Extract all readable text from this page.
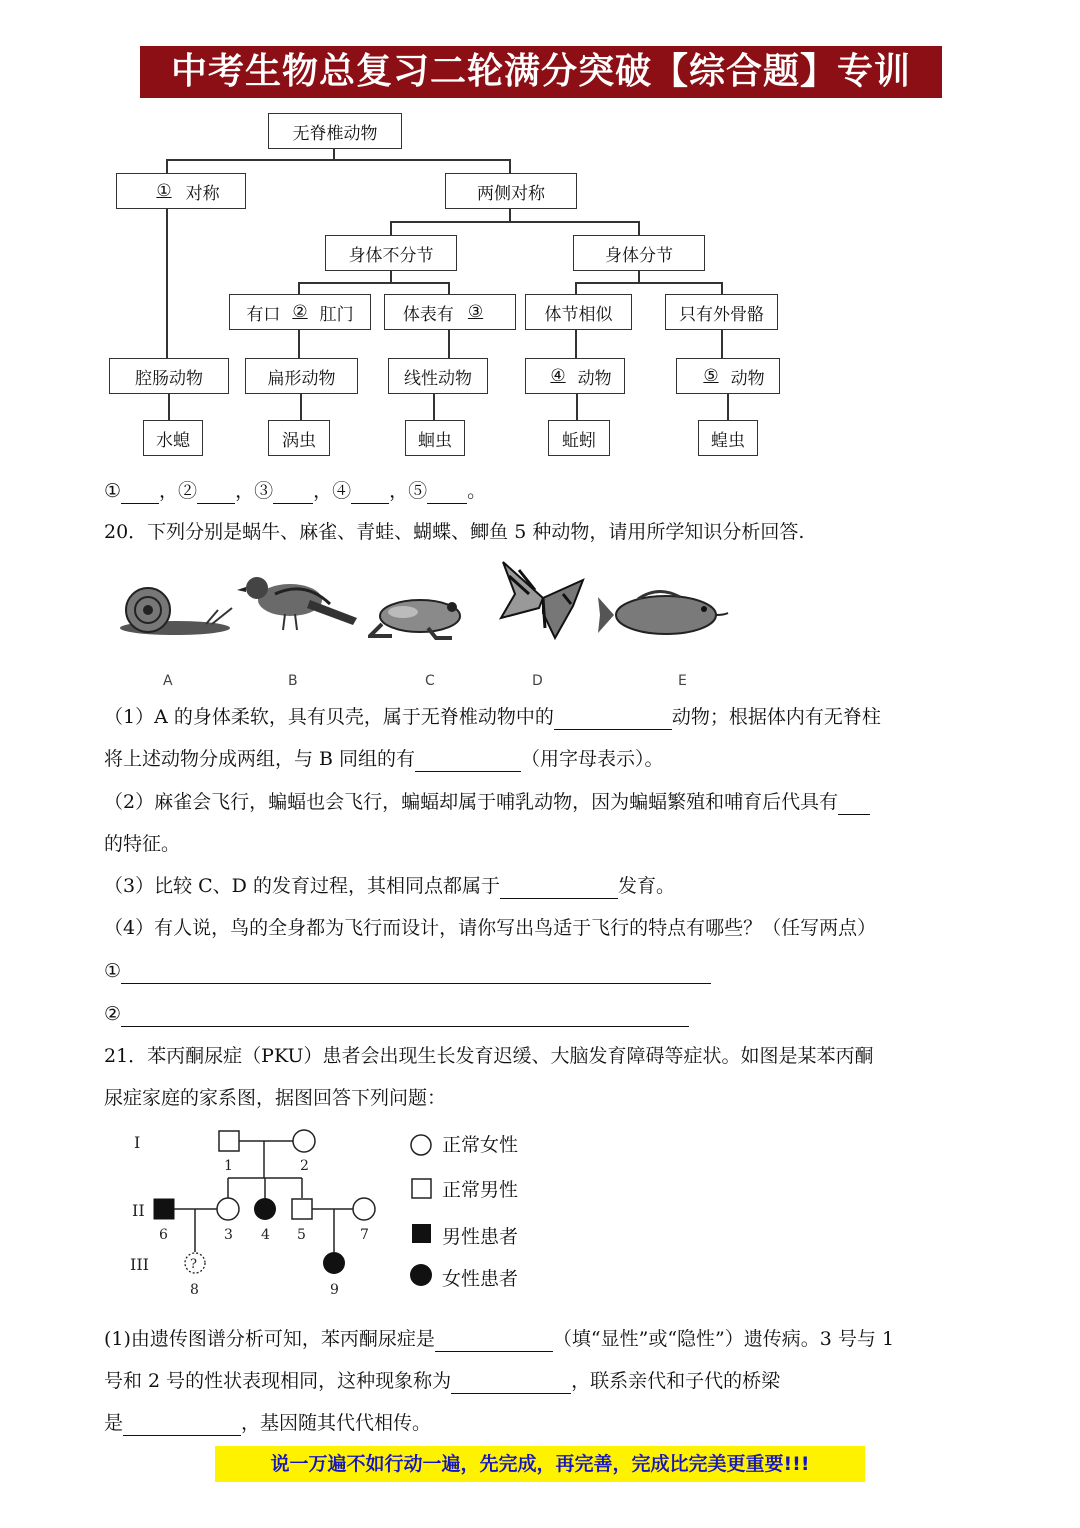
中考生物总复习二轮满分突破【综合题】专训
无脊椎动物
① 对称	两侧对称
身体不分节	身体分节
有口 ② 肛门	体表有 ③	体节相似	只有外骨骼
腔肠动物	扁形动物	线性动物	④ 动物	⑤ 动物
水螅	涡虫	蛔虫	蚯蚓	蝗虫
① ，② ，③ ，④ ，⑤ 。
20．下列分别是蜗牛、麻雀、青蛙、蝴蝶、鲫鱼 5 种动物，请用所学知识分析回答.
A	B	C	D	E
（1）A 的身体柔软，具有贝壳，属于无脊椎动物中的	动物；根据体内有无脊柱
将上述动物分成两组，与 B 同组的有	（用字母表示）。
（2）麻雀会飞行，蝙蝠也会飞行，蝙蝠却属于哺乳动物，因为蝙蝠繁殖和哺育后代具有
的特征。
（3）比较 C、D 的发育过程，其相同点都属于	发育。
（4）有人说，鸟的全身都为飞行而设计，请你写出鸟适于飞行的特点有哪些？（任写两点）
①
②
21．苯丙酮尿症（PKU）患者会出现生长发育迟缓、大脑发育障碍等症状。如图是某苯丙酮
尿症家庭的家系图，据图回答下列问题：
I
II
III
1	2
6	3 4 5	7
?
8	9
正常女性
正常男性
男性患者
女性患者
(1)由遗传图谱分析可知，苯丙酮尿症是	（填“显性”或“隐性”）遗传病。3 号与 1
号和 2 号的性状表现相同，这种现象称为	，联系亲代和子代的桥梁
是	，基因随其代代相传。
说一万遍不如行动一遍，先完成，再完善，完成比完美更重要!!!
